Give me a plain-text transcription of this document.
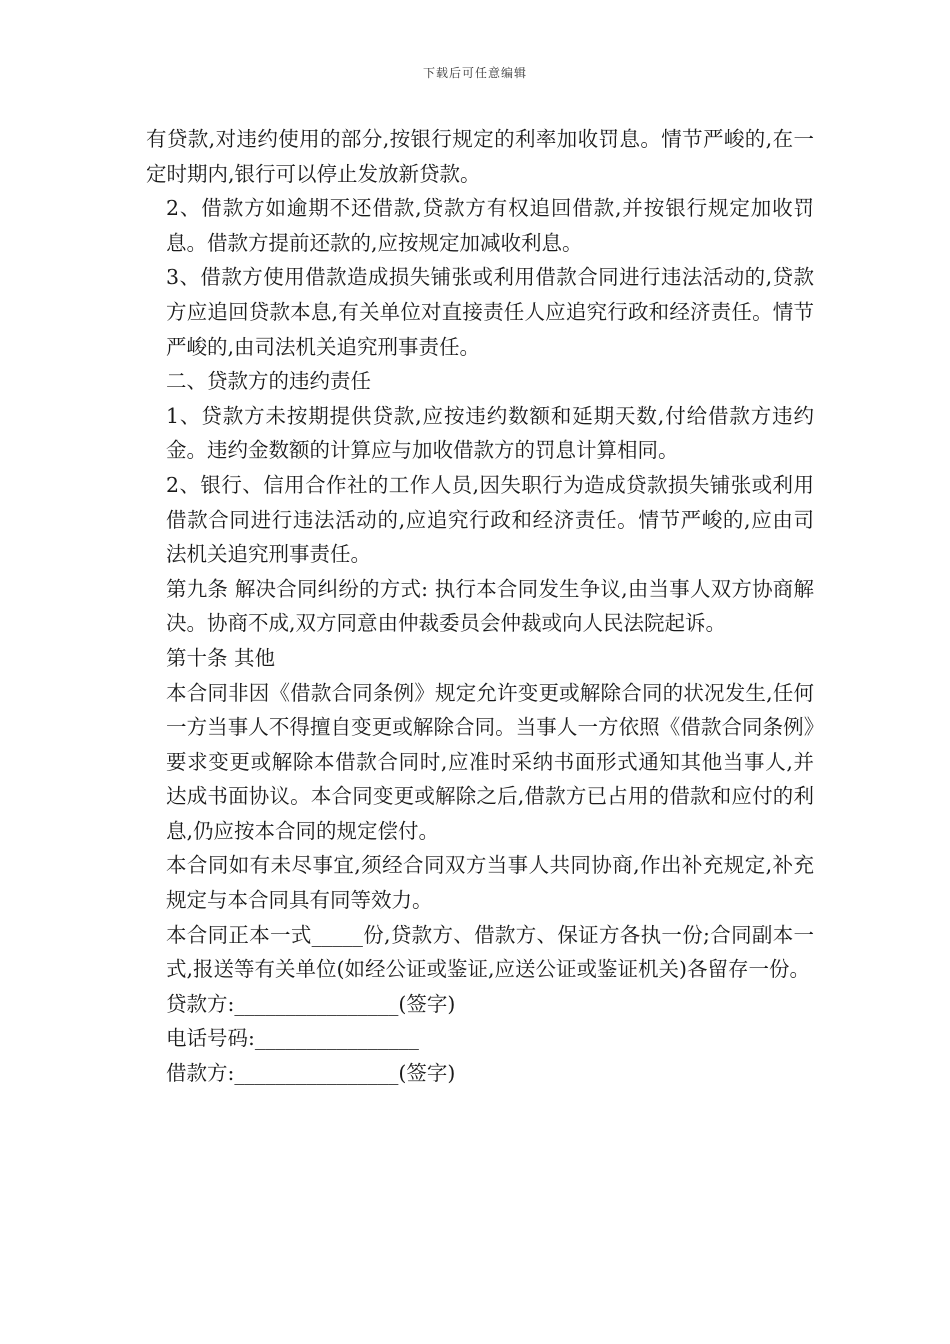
下载后可任意编辑

有贷款,对违约使用的部分,按银行规定的利率加收罚息。情节严峻的,在一定时期内,银行可以停止发放新贷款。

2、借款方如逾期不还借款,贷款方有权追回借款,并按银行规定加收罚息。借款方提前还款的,应按规定加减收利息。

3、借款方使用借款造成损失铺张或利用借款合同进行违法活动的,贷款方应追回贷款本息,有关单位对直接责任人应追究行政和经济责任。情节严峻的,由司法机关追究刑事责任。

二、贷款方的违约责任

1、贷款方未按期提供贷款,应按违约数额和延期天数,付给借款方违约金。违约金数额的计算应与加收借款方的罚息计算相同。

2、银行、信用合作社的工作人员,因失职行为造成贷款损失铺张或利用借款合同进行违法活动的,应追究行政和经济责任。情节严峻的,应由司法机关追究刑事责任。

第九条 解决合同纠纷的方式: 执行本合同发生争议,由当事人双方协商解决。协商不成,双方同意由仲裁委员会仲裁或向人民法院起诉。

第十条 其他

本合同非因《借款合同条例》规定允许变更或解除合同的状况发生,任何一方当事人不得擅自变更或解除合同。当事人一方依照《借款合同条例》要求变更或解除本借款合同时,应准时采纳书面形式通知其他当事人,并达成书面协议。本合同变更或解除之后,借款方已占用的借款和应付的利息,仍应按本合同的规定偿付。

本合同如有未尽事宜,须经合同双方当事人共同协商,作出补充规定,补充规定与本合同具有同等效力。

本合同正本一式_____份,贷款方、借款方、保证方各执一份;合同副本一式,报送等有关单位(如经公证或鉴证,应送公证或鉴证机关)各留存一份。

贷款方:________________(签字)

电话号码:________________

借款方:________________(签字)
